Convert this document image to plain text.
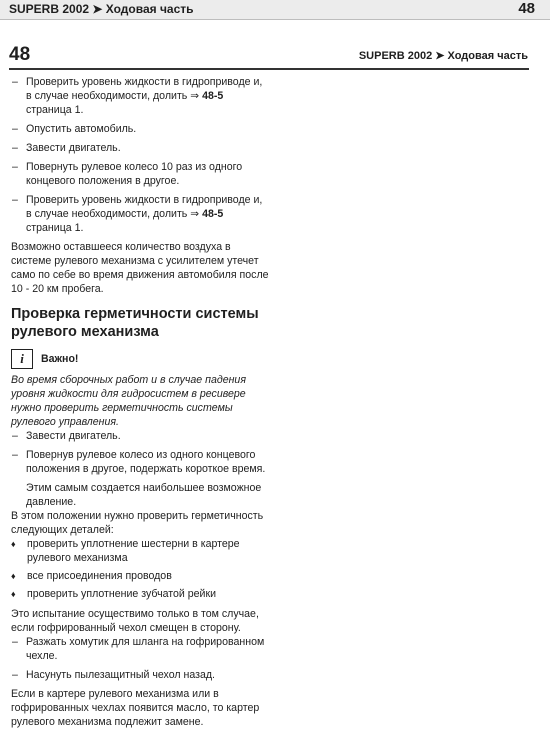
SUPERB 2002 ➤ Ходовая часть	48
48	SUPERB 2002 ➤ Ходовая часть
– Проверить уровень жидкости в гидроприводе и, в случае необходимости, долить ⇒ 48-5 страница 1.
– Опустить автомобиль.
– Завести двигатель.
– Повернуть рулевое колесо 10 раз из одного концевого положения в другое.
– Проверить уровень жидкости в гидроприводе и, в случае необходимости, долить ⇒ 48-5 страница 1.

Возможно оставшееся количество воздуха в системе рулевого механизма с усилителем утечет само по себе во время движения автомобиля после 10 - 20 км пробега.

Проверка герметичности системы рулевого механизма
i	Важно!

Во время сборочных работ и в случае падения уровня жидкости для гидросистем в ресивере нужно проверить герметичность системы рулевого управления.

– Завести двигатель.
– Повернув рулевое колесо из одного концевого положения в другое, подержать короткое время.

Этим самым создается наибольшее возможное давление.

В этом положении нужно проверить герметичность следующих деталей:

♦ проверить уплотнение шестерни в картере рулевого механизма
♦ все присоединения проводов
♦ проверить уплотнение зубчатой рейки

Это испытание осуществимо только в том случае, если гофрированный чехол смещен в сторону.

– Разжать хомутик для шланга на гофрированном чехле.
– Насунуть пылезащитный чехол назад.

Если в картере рулевого механизма или в гофрированных чехлах появится масло, то картер рулевого механизма подлежит замене.
